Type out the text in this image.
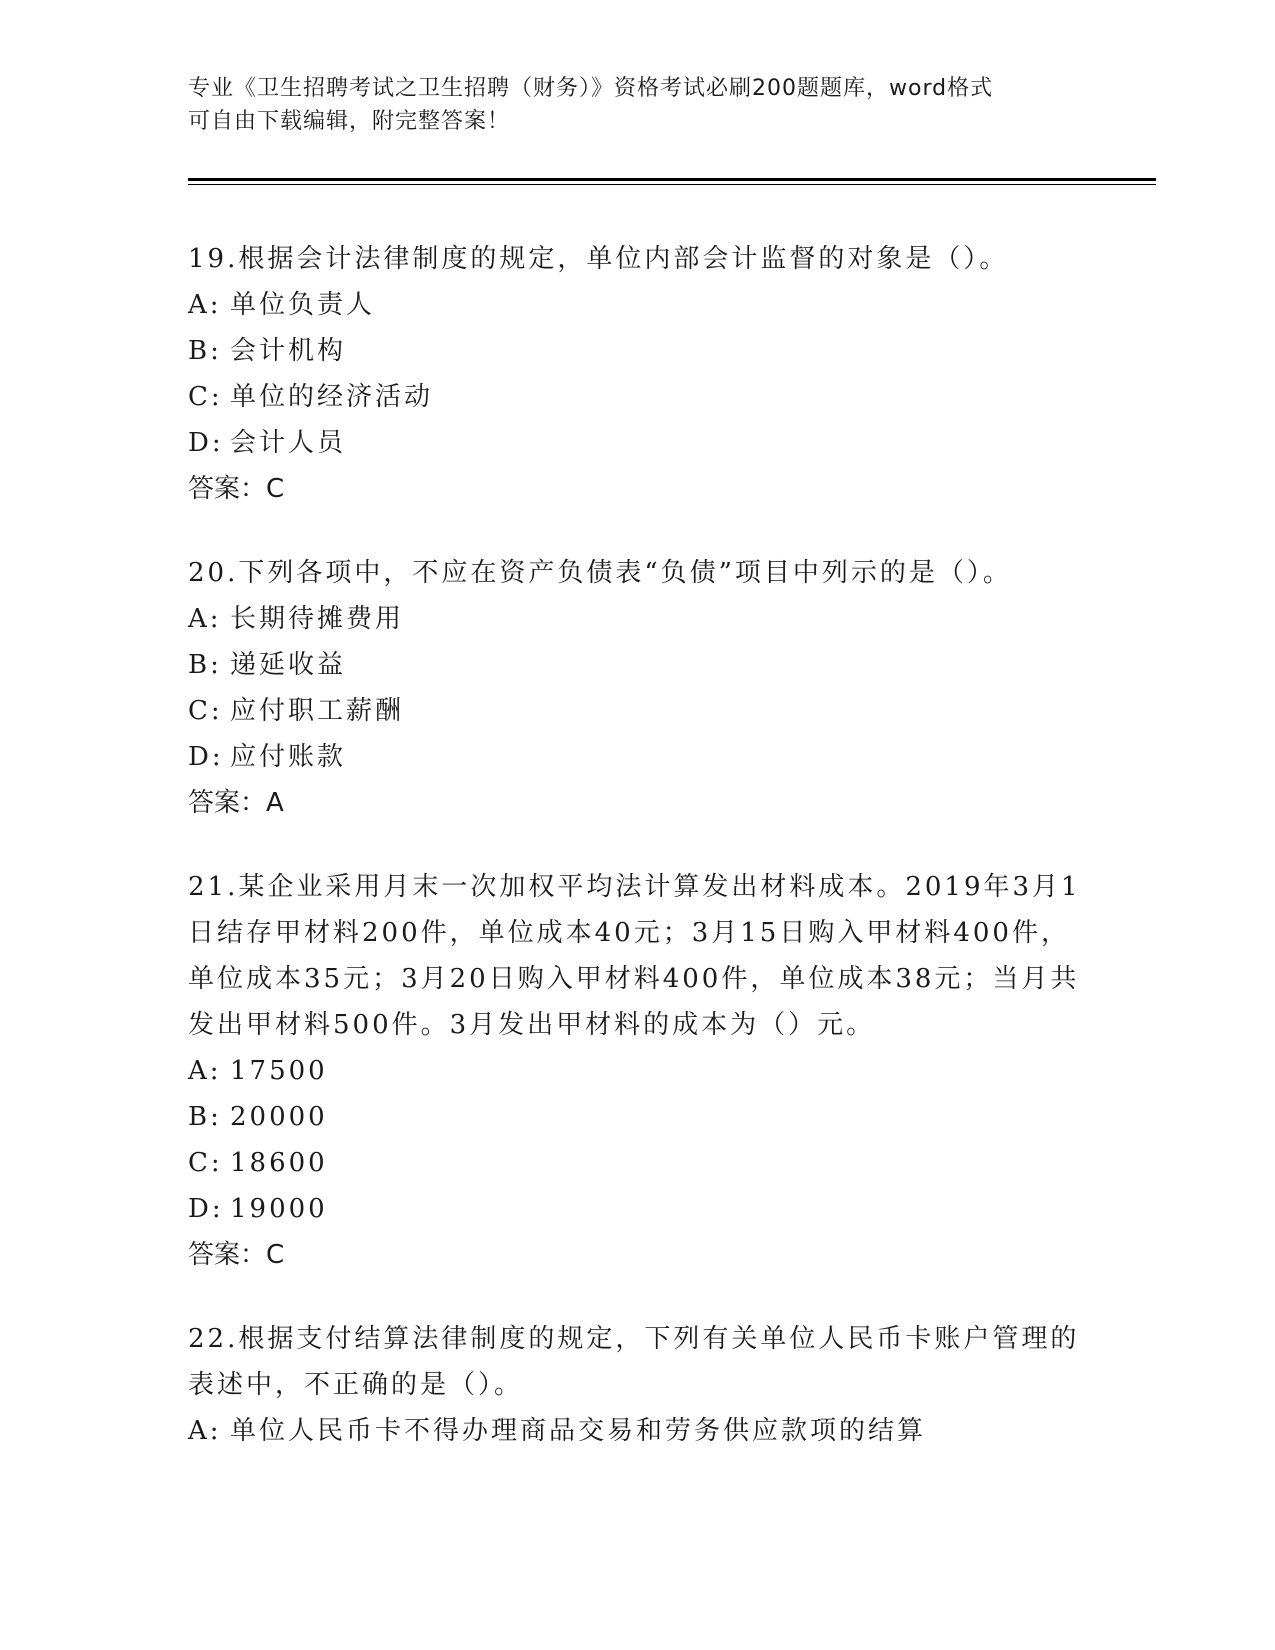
专业《卫生招聘考试之卫生招聘（财务）》资格考试必刷200题题库，word格式
可自由下载编辑，附完整答案！

19.根据会计法律制度的规定，单位内部会计监督的对象是（）。

A: 单位负责人

B: 会计机构

C: 单位的经济活动

D: 会计人员

答案：C

20.下列各项中，不应在资产负债表“负债”项目中列示的是（）。

A: 长期待摊费用

B: 递延收益

C: 应付职工薪酬

D: 应付账款

答案：A

21.某企业采用月末一次加权平均法计算发出材料成本。2019年3月1日结存甲材料200件，单位成本40元；3月15日购入甲材料400件，单位成本35元；3月20日购入甲材料400件，单位成本38元；当月共发出甲材料500件。3月发出甲材料的成本为（）元。

A: 17500

B: 20000

C: 18600

D: 19000

答案：C

22.根据支付结算法律制度的规定，下列有关单位人民币卡账户管理的表述中，不正确的是（）。

A: 单位人民币卡不得办理商品交易和劳务供应款项的结算
